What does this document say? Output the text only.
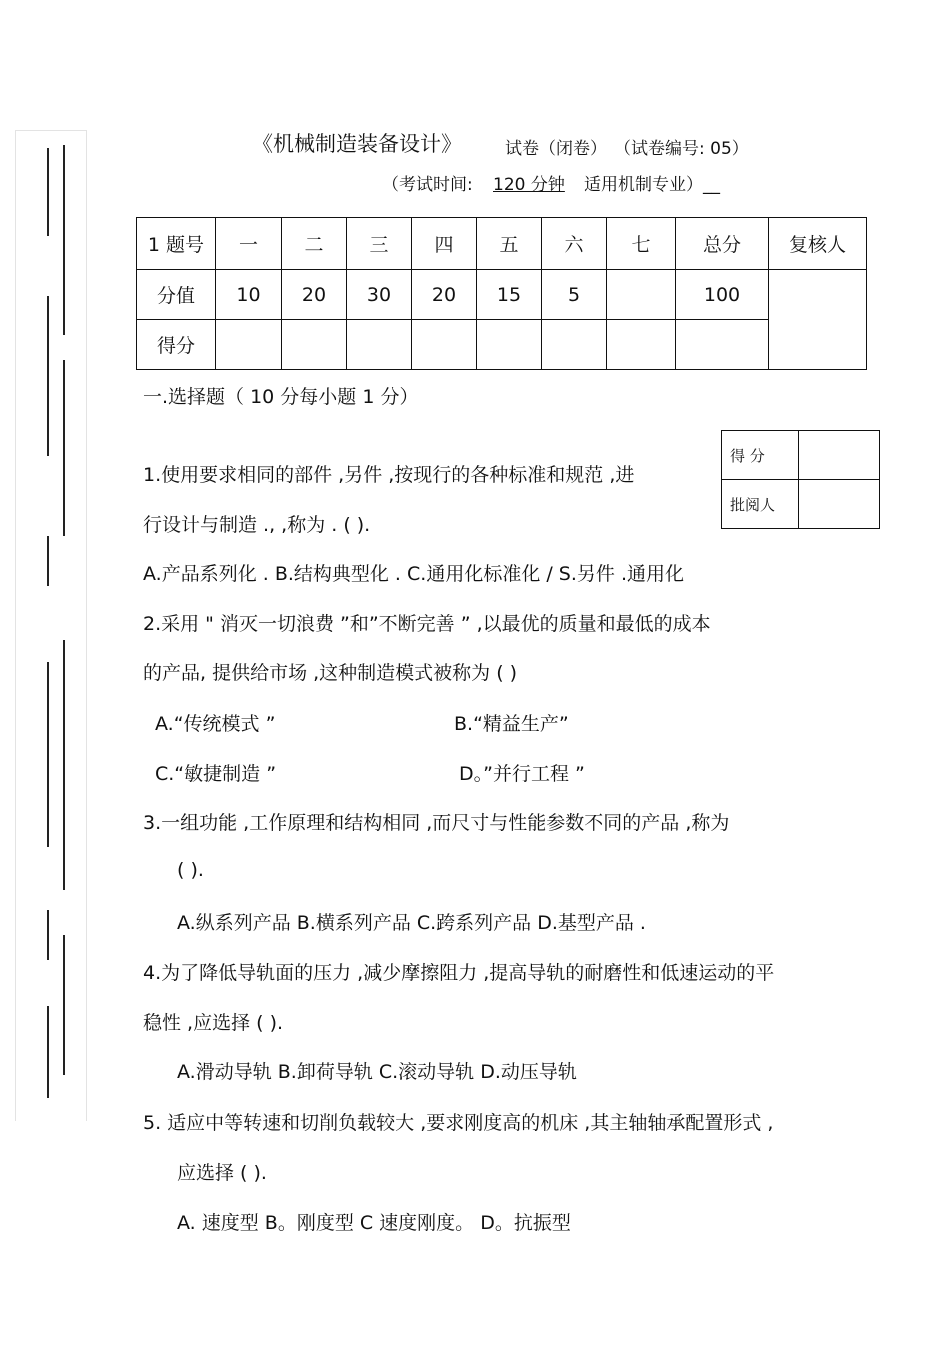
《机械制造装备设计》	试卷（闭卷） （试卷编号: 05）
（考试时间: 120 分钟 适用机制专业）__
1 题号	一	二	三	四	五	六	七	总分	复核人
分值	10	20	30	20	15	5		100	
得分									
一.选择题（ 10 分每小题 1 分）
得 分	
批阅人	
1.使用要求相同的部件 ,另件 ,按现行的各种标准和规范 ,进
行设计与制造 ., ,称为 . ( ).
A.产品系列化 . B.结构典型化 . C.通用化标准化 / S.另件 .通用化
2.采用 " 消灭一切浪费 ”和”不断完善 ” ,以最优的质量和最低的成本
的产品, 提供给市场 ,这种制造模式被称为 ( )
A.“传统模式 ”	B.“精益生产”
C.“敏捷制造 ”	D。”并行工程 ”
3.一组功能 ,工作原理和结构相同 ,而尺寸与性能参数不同的产品 ,称为
( ).
A.纵系列产品 B.横系列产品 C.跨系列产品 D.基型产品 .
4.为了降低导轨面的压力 ,减少摩擦阻力 ,提高导轨的耐磨性和低速运动的平
稳性 ,应选择 ( ).
A.滑动导轨 B.卸荷导轨 C.滚动导轨 D.动压导轨
5. 适应中等转速和切削负载较大 ,要求刚度高的机床 ,其主轴轴承配置形式 ,
应选择 ( ).
A. 速度型 B。刚度型 C 速度刚度。 D。抗振型
